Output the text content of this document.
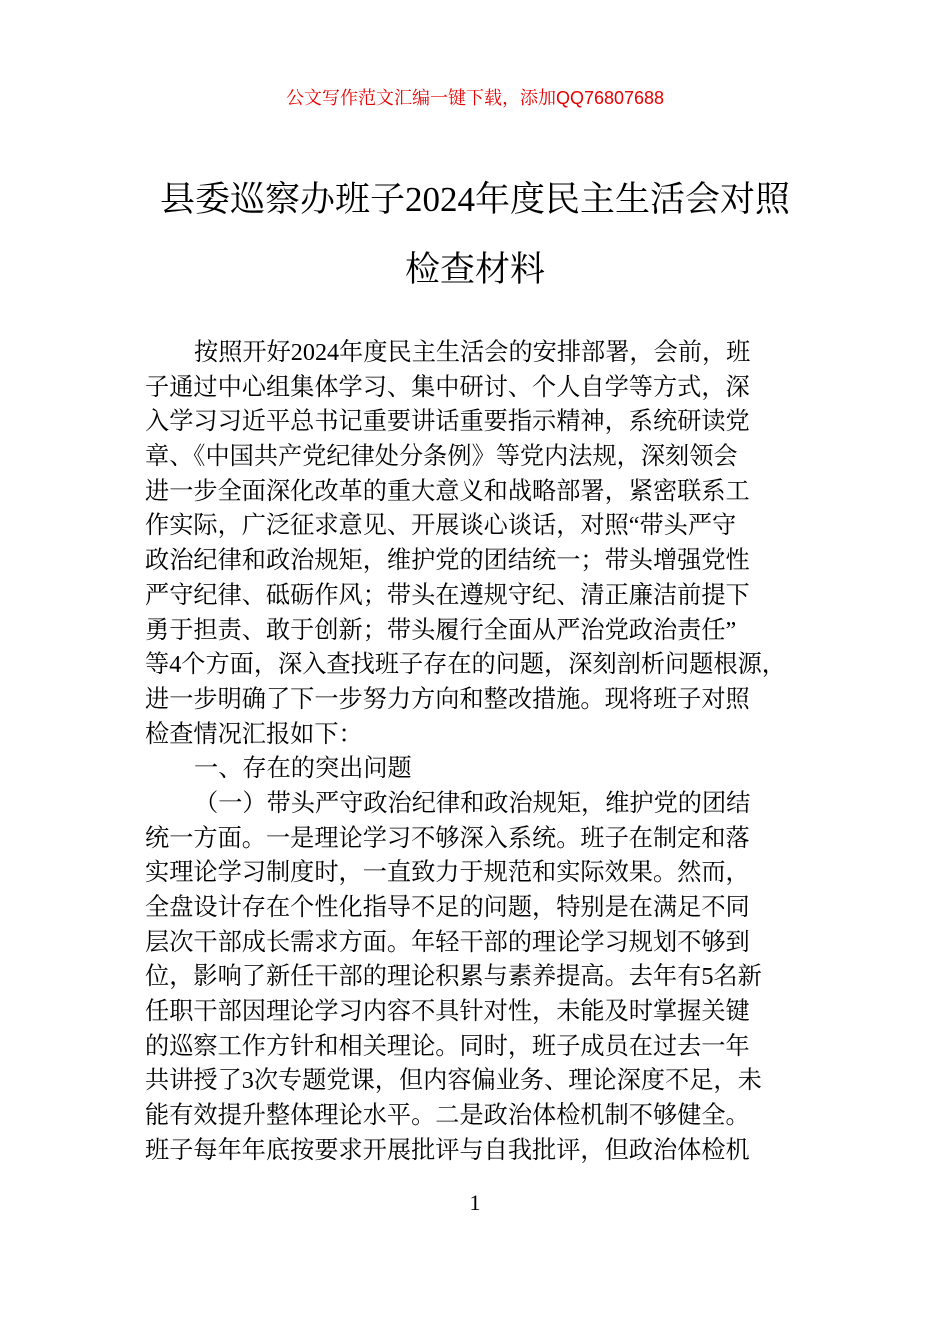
公文写作范文汇编一键下载，添加QQ76807688
县委巡察办班子2024年度民主生活会对照
检查材料
按照开好2024年度民主生活会的安排部署，会前，班
子通过中心组集体学习、集中研讨、个人自学等方式，深
入学习习近平总书记重要讲话重要指示精神，系统研读党
章、《中国共产党纪律处分条例》等党内法规，深刻领会
进一步全面深化改革的重大意义和战略部署，紧密联系工
作实际，广泛征求意见、开展谈心谈话，对照“带头严守
政治纪律和政治规矩，维护党的团结统一；带头增强党性
严守纪律、砥砺作风；带头在遵规守纪、清正廉洁前提下
勇于担责、敢于创新；带头履行全面从严治党政治责任”
等4个方面，深入查找班子存在的问题，深刻剖析问题根源，
进一步明确了下一步努力方向和整改措施。现将班子对照
检查情况汇报如下：
一、存在的突出问题
（一）带头严守政治纪律和政治规矩，维护党的团结
统一方面。一是理论学习不够深入系统。班子在制定和落
实理论学习制度时，一直致力于规范和实际效果。然而，
全盘设计存在个性化指导不足的问题，特别是在满足不同
层次干部成长需求方面。年轻干部的理论学习规划不够到
位，影响了新任干部的理论积累与素养提高。去年有5名新
任职干部因理论学习内容不具针对性，未能及时掌握关键
的巡察工作方针和相关理论。同时，班子成员在过去一年
共讲授了3次专题党课，但内容偏业务、理论深度不足，未
能有效提升整体理论水平。二是政治体检机制不够健全。
班子每年年底按要求开展批评与自我批评，但政治体检机
1
